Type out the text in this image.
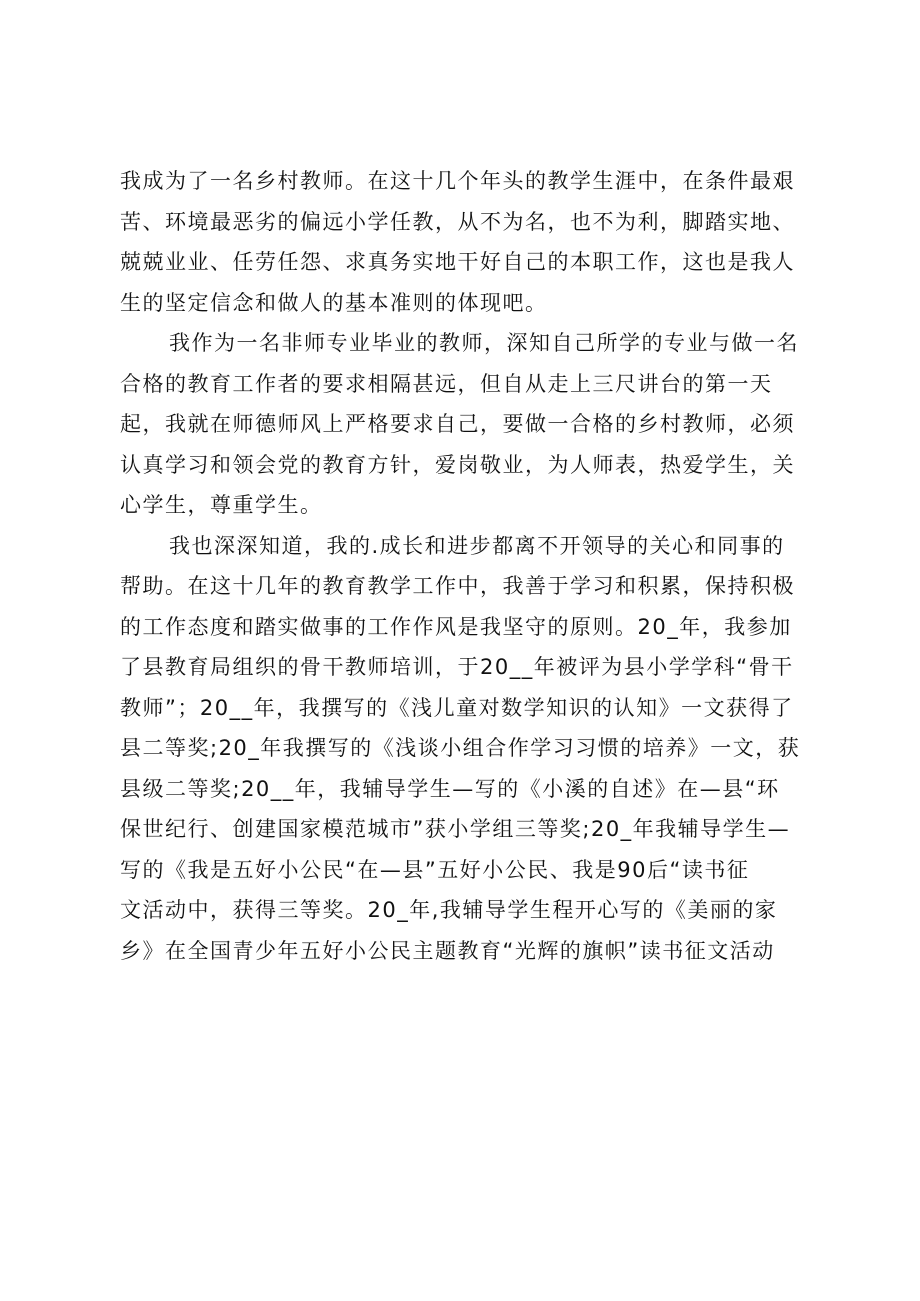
我成为了一名乡村教师。在这十几个年头的教学生涯中，在条件最艰
苦、环境最恶劣的偏远小学任教，从不为名，也不为利，脚踏实地、
兢兢业业、任劳任怨、求真务实地干好自己的本职工作，这也是我人
生的坚定信念和做人的基本准则的体现吧。
我作为一名非师专业毕业的教师，深知自己所学的专业与做一名
合格的教育工作者的要求相隔甚远，但自从走上三尺讲台的第一天
起，我就在师德师风上严格要求自己，要做一合格的乡村教师，必须
认真学习和领会党的教育方针，爱岗敬业，为人师表，热爱学生，关
心学生，尊重学生。
我也深深知道，我的.成长和进步都离不开领导的关心和同事的
帮助。在这十几年的教育教学工作中，我善于学习和积累，保持积极
的工作态度和踏实做事的工作作风是我坚守的原则。20_年，我参加
了县教育局组织的骨干教师培训，于20__年被评为县小学学科“骨干
教师”；20__年，我撰写的《浅儿童对数学知识的认知》一文获得了
县二等奖;20_年我撰写的《浅谈小组合作学习习惯的培养》一文，获
县级二等奖;20__年，我辅导学生—写的《小溪的自述》在—县“环
保世纪行、创建国家模范城市”获小学组三等奖;20_年我辅导学生—
写的《我是五好小公民“在—县”五好小公民、我是90后“读书征
文活动中，获得三等奖。20_年,我辅导学生程开心写的《美丽的家
乡》在全国青少年五好小公民主题教育“光辉的旗帜”读书征文活动
